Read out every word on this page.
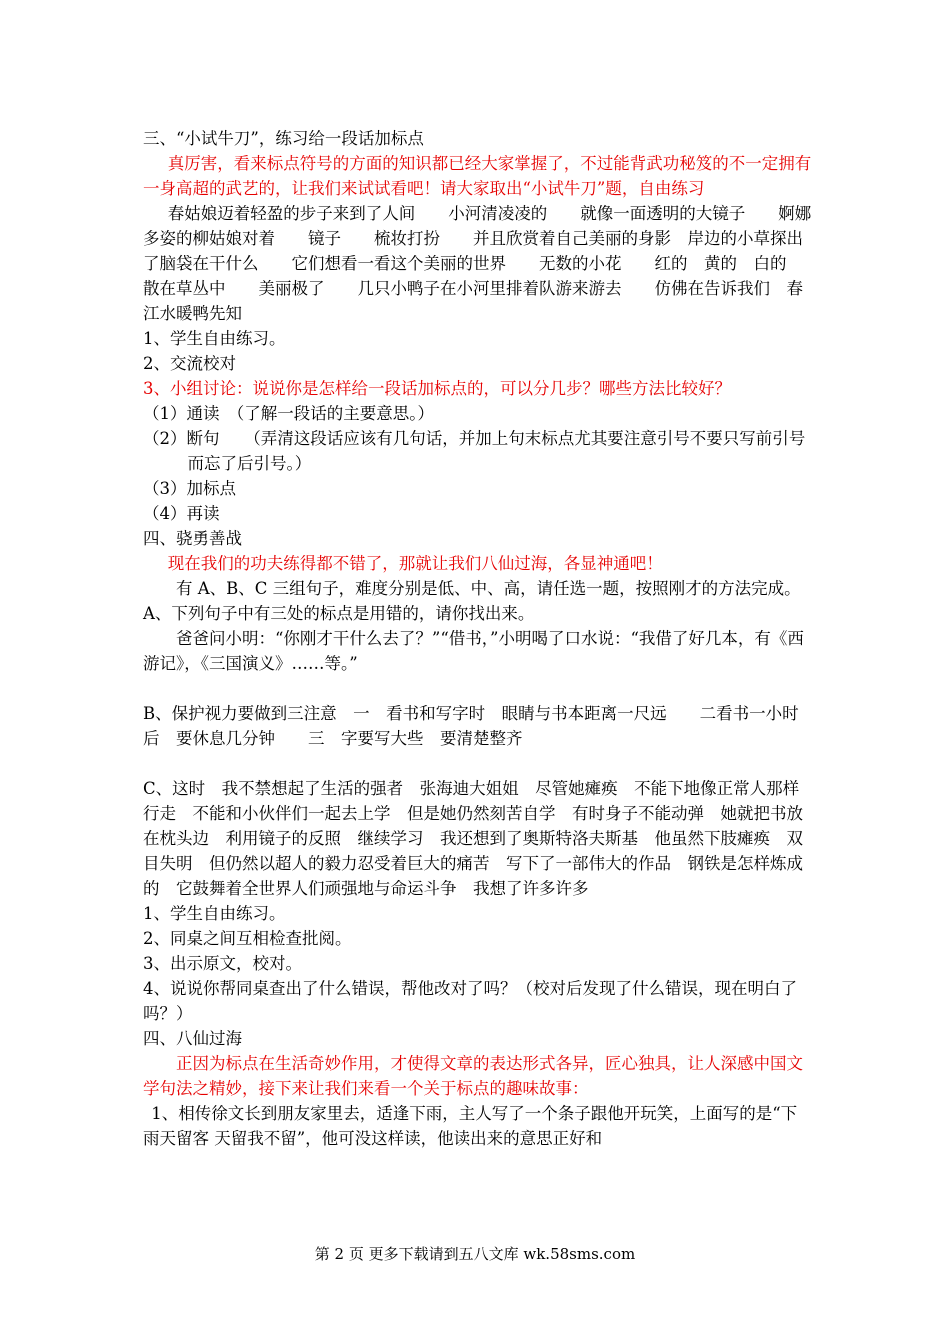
三、“小试牛刀”，练习给一段话加标点

真厉害，看来标点符号的方面的知识都已经大家掌握了，不过能背武功秘笈的不一定拥有一身高超的武艺的，让我们来试试看吧！请大家取出“小试牛刀”题，自由练习

春姑娘迈着轻盈的步子来到了人间　　小河清凌凌的　　就像一面透明的大镜子　　婀娜多姿的柳姑娘对着　　镜子　　梳妆打扮　　并且欣赏着自己美丽的身影　岸边的小草探出了脑袋在干什么　　它们想看一看这个美丽的世界　　无数的小花　　红的　黄的　白的　　散在草丛中　　美丽极了　　几只小鸭子在小河里排着队游来游去　　仿佛在告诉我们　春江水暖鸭先知

1、学生自由练习。

2、交流校对

3、小组讨论：说说你是怎样给一段话加标点的，可以分几步？哪些方法比较好？

（1）通读　（了解一段话的主要意思。）

（2）断句　　（弄清这段话应该有几句话，并加上句末标点尤其要注意引号不要只写前引号而忘了后引号。）

（3）加标点

（4）再读

四、骁勇善战

现在我们的功夫练得都不错了，那就让我们八仙过海，各显神通吧！

有 A、B、C 三组句子，难度分别是低、中、高，请任选一题，按照刚才的方法完成。

A、下列句子中有三处的标点是用错的，请你找出来。

爸爸问小明：“你刚才干什么去了？”“借书，”小明喝了口水说：“我借了好几本，有《西游记》，《三国演义》……等。”

B、保护视力要做到三注意　一　看书和写字时　眼睛与书本距离一尺远　　二看书一小时后　要休息几分钟　　三　字要写大些　要清楚整齐

C、这时　我不禁想起了生活的强者　张海迪大姐姐　尽管她瘫痪　不能下地像正常人那样行走　不能和小伙伴们一起去上学　但是她仍然刻苦自学　有时身子不能动弹　她就把书放在枕头边　利用镜子的反照　继续学习　我还想到了奥斯特洛夫斯基　他虽然下肢瘫痪　双目失明　但仍然以超人的毅力忍受着巨大的痛苦　写下了一部伟大的作品　钢铁是怎样炼成的　它鼓舞着全世界人们顽强地与命运斗争　我想了许多许多

1、学生自由练习。

2、同桌之间互相检查批阅。

3、出示原文，校对。

4、说说你帮同桌查出了什么错误，帮他改对了吗？（校对后发现了什么错误，现在明白了吗？）

四、八仙过海

正因为标点在生活奇妙作用，才使得文章的表达形式各异，匠心独具，让人深感中国文学句法之精妙，接下来让我们来看一个关于标点的趣味故事：

1、相传徐文长到朋友家里去，适逢下雨，主人写了一个条子跟他开玩笑，上面写的是“下雨天留客 天留我不留”，他可没这样读，他读出来的意思正好和

第 2 页 更多下载请到五八文库 wk.58sms.com
